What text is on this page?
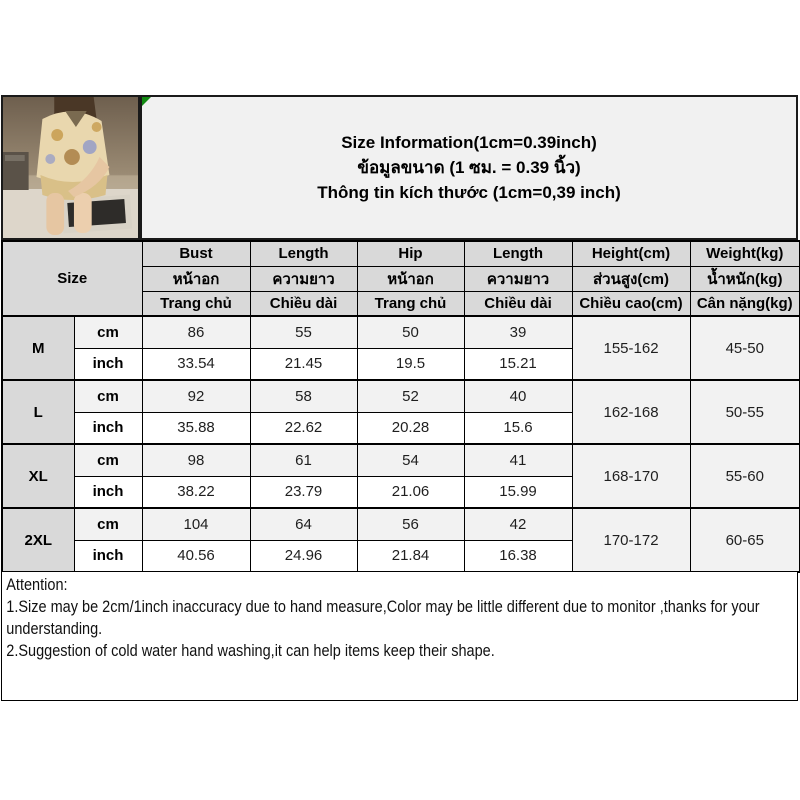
Size Information(1cm=0.39inch)
ข้อมูลขนาด (1 ซม. = 0.39 นิ้ว)
Thông tin kích thước (1cm=0,39 inch)
Size		Bust	Length	Hip	Length	Height(cm)	Weight(kg)
		หน้าอก	ความยาว	หน้าอก	ความยาว	ส่วนสูง(cm)	น้ำหนัก(kg)
		Trang chủ	Chiều dài	Trang chủ	Chiều dài	Chiều cao(cm)	Cân nặng(kg)
M	cm	86	55	50	39	155-162	45-50
	inch	33.54	21.45	19.5	15.21		
L	cm	92	58	52	40	162-168	50-55
	inch	35.88	22.62	20.28	15.6		
XL	cm	98	61	54	41	168-170	55-60
	inch	38.22	23.79	21.06	15.99		
2XL	cm	104	64	56	42	170-172	60-65
	inch	40.56	24.96	21.84	16.38		
Attention:
1.Size may be 2cm/1inch inaccuracy due to hand measure,Color may be little different due to monitor ,thanks for your understanding.
2.Suggestion of cold water hand washing,it can help items keep their shape.
